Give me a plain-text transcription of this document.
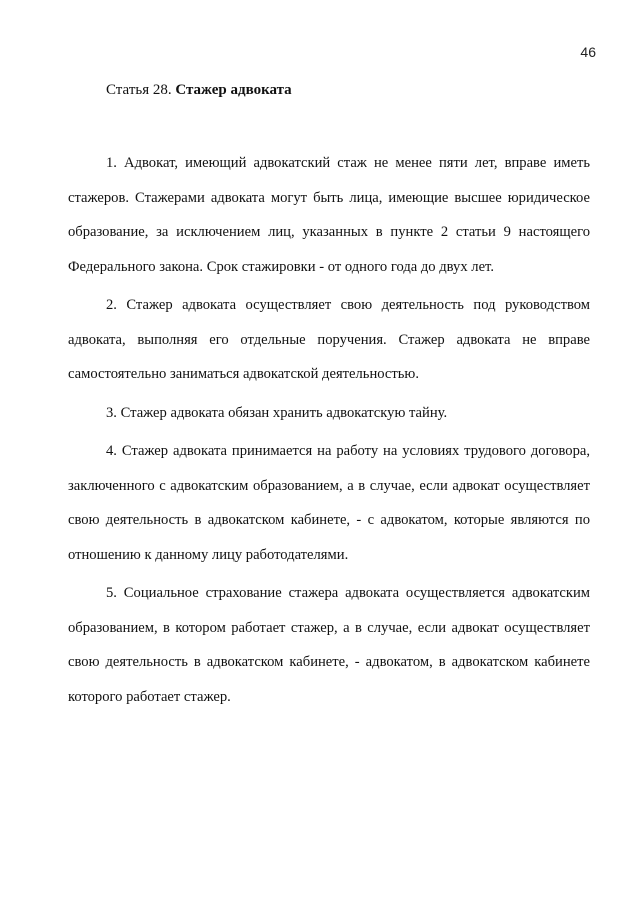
46
Статья 28. Стажер адвоката

1. Адвокат, имеющий адвокатский стаж не менее пяти лет, вправе иметь стажеров. Стажерами адвоката могут быть лица, имеющие высшее юридическое образование, за исключением лиц, указанных в пункте 2 статьи 9 настоящего Федерального закона. Срок стажировки - от одного года до двух лет.

2. Стажер адвоката осуществляет свою деятельность под руководством адвоката, выполняя его отдельные поручения. Стажер адвоката не вправе самостоятельно заниматься адвокатской деятельностью.

3. Стажер адвоката обязан хранить адвокатскую тайну.

4. Стажер адвоката принимается на работу на условиях трудового договора, заключенного с адвокатским образованием, а в случае, если адвокат осуществляет свою деятельность в адвокатском кабинете, - с адвокатом, которые являются по отношению к данному лицу работодателями.

5. Социальное страхование стажера адвоката осуществляется адвокатским образованием, в котором работает стажер, а в случае, если адвокат осуществляет свою деятельность в адвокатском кабинете, - адвокатом, в адвокатском кабинете которого работает стажер.
